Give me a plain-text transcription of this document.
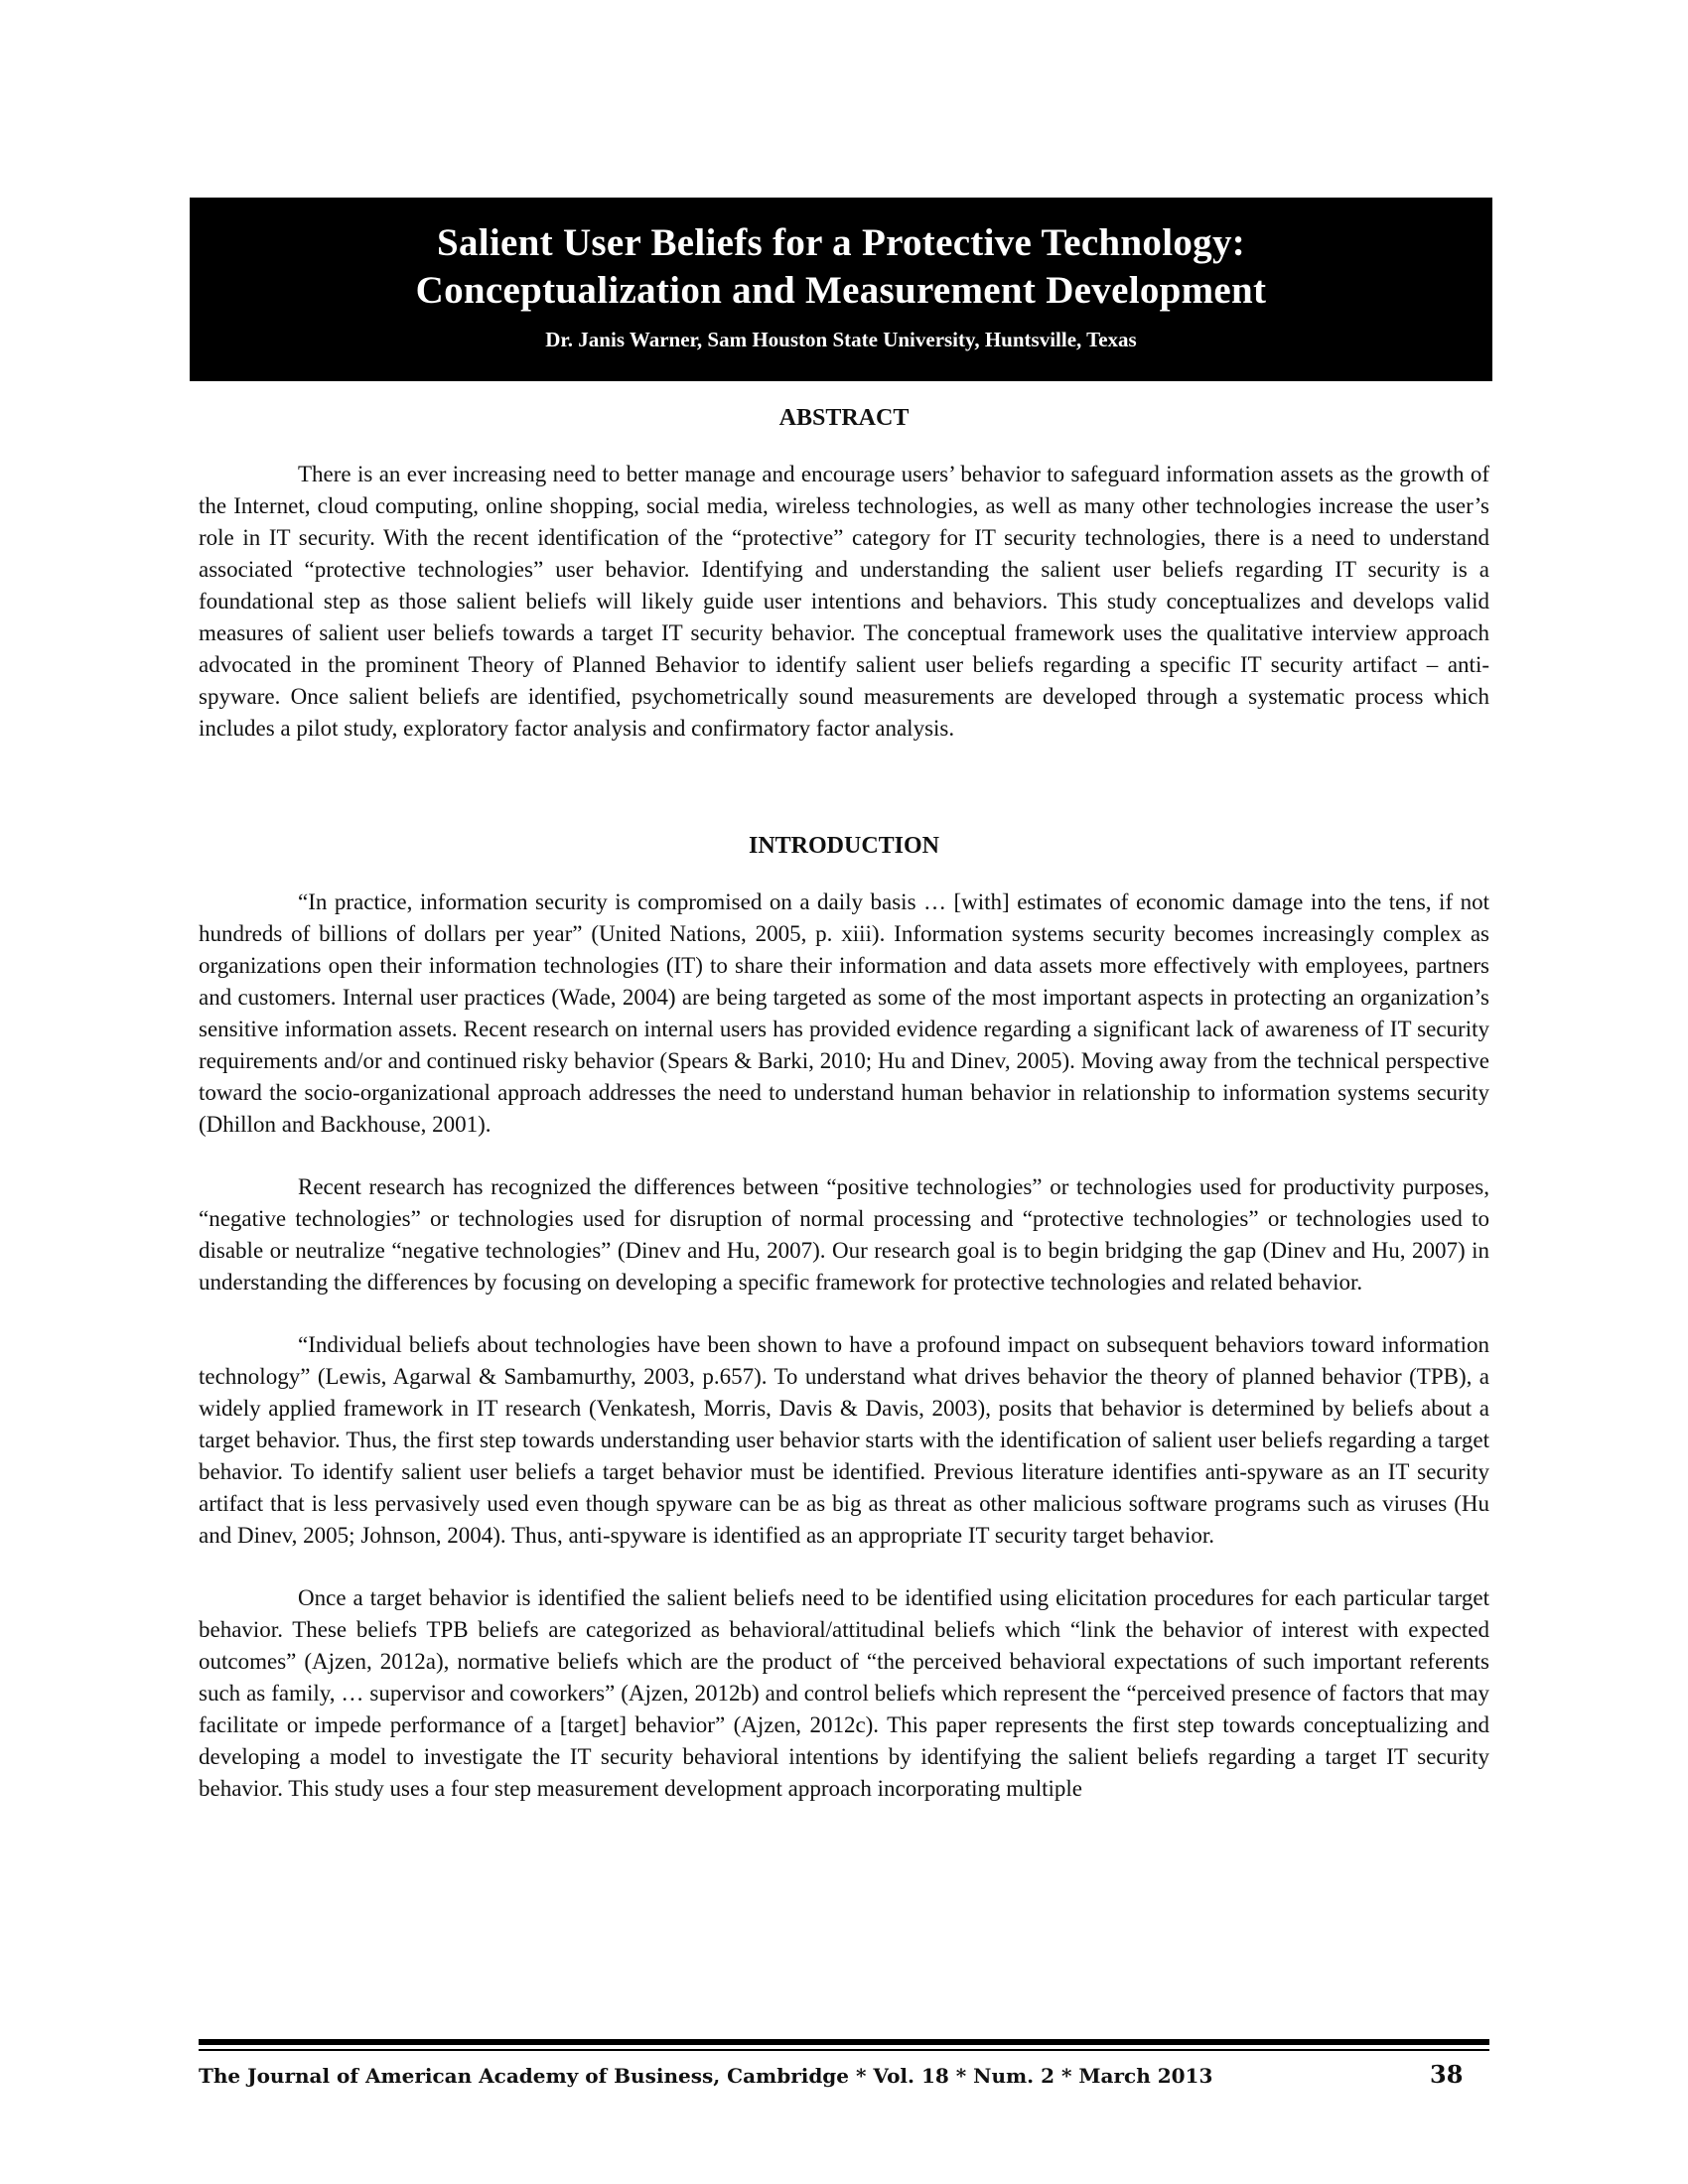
Salient User Beliefs for a Protective Technology:
Conceptualization and Measurement Development
Dr. Janis Warner, Sam Houston State University, Huntsville, Texas
ABSTRACT

There is an ever increasing need to better manage and encourage users’ behavior to safeguard information assets as the growth of the Internet, cloud computing, online shopping, social media, wireless technologies, as well as many other technologies increase the user’s role in IT security. With the recent identification of the “protective” category for IT security technologies, there is a need to understand associated “protective technologies” user behavior. Identifying and understanding the salient user beliefs regarding IT security is a foundational step as those salient beliefs will likely guide user intentions and behaviors. This study conceptualizes and develops valid measures of salient user beliefs towards a target IT security behavior. The conceptual framework uses the qualitative interview approach advocated in the prominent Theory of Planned Behavior to identify salient user beliefs regarding a specific IT security artifact – anti-spyware. Once salient beliefs are identified, psychometrically sound measurements are developed through a systematic process which includes a pilot study, exploratory factor analysis and confirmatory factor analysis.

INTRODUCTION

“In practice, information security is compromised on a daily basis … [with] estimates of economic damage into the tens, if not hundreds of billions of dollars per year” (United Nations, 2005, p. xiii). Information systems security becomes increasingly complex as organizations open their information technologies (IT) to share their information and data assets more effectively with employees, partners and customers. Internal user practices (Wade, 2004) are being targeted as some of the most important aspects in protecting an organization’s sensitive information assets. Recent research on internal users has provided evidence regarding a significant lack of awareness of IT security requirements and/or and continued risky behavior (Spears & Barki, 2010; Hu and Dinev, 2005). Moving away from the technical perspective toward the socio-organizational approach addresses the need to understand human behavior in relationship to information systems security (Dhillon and Backhouse, 2001).

Recent research has recognized the differences between “positive technologies” or technologies used for productivity purposes, “negative technologies” or technologies used for disruption of normal processing and “protective technologies” or technologies used to disable or neutralize “negative technologies” (Dinev and Hu, 2007). Our research goal is to begin bridging the gap (Dinev and Hu, 2007) in understanding the differences by focusing on developing a specific framework for protective technologies and related behavior.

“Individual beliefs about technologies have been shown to have a profound impact on subsequent behaviors toward information technology” (Lewis, Agarwal & Sambamurthy, 2003, p.657). To understand what drives behavior the theory of planned behavior (TPB), a widely applied framework in IT research (Venkatesh, Morris, Davis & Davis, 2003), posits that behavior is determined by beliefs about a target behavior. Thus, the first step towards understanding user behavior starts with the identification of salient user beliefs regarding a target behavior. To identify salient user beliefs a target behavior must be identified. Previous literature identifies anti-spyware as an IT security artifact that is less pervasively used even though spyware can be as big as threat as other malicious software programs such as viruses (Hu and Dinev, 2005; Johnson, 2004). Thus, anti-spyware is identified as an appropriate IT security target behavior.

Once a target behavior is identified the salient beliefs need to be identified using elicitation procedures for each particular target behavior. These beliefs TPB beliefs are categorized as behavioral/attitudinal beliefs which “link the behavior of interest with expected outcomes” (Ajzen, 2012a), normative beliefs which are the product of “the perceived behavioral expectations of such important referents such as family, … supervisor and coworkers” (Ajzen, 2012b) and control beliefs which represent the “perceived presence of factors that may facilitate or impede performance of a [target] behavior” (Ajzen, 2012c). This paper represents the first step towards conceptualizing and developing a model to investigate the IT security behavioral intentions by identifying the salient beliefs regarding a target IT security behavior. This study uses a four step measurement development approach incorporating multiple

The Journal of American Academy of Business, Cambridge * Vol. 18 * Num. 2 * March 2013	38
